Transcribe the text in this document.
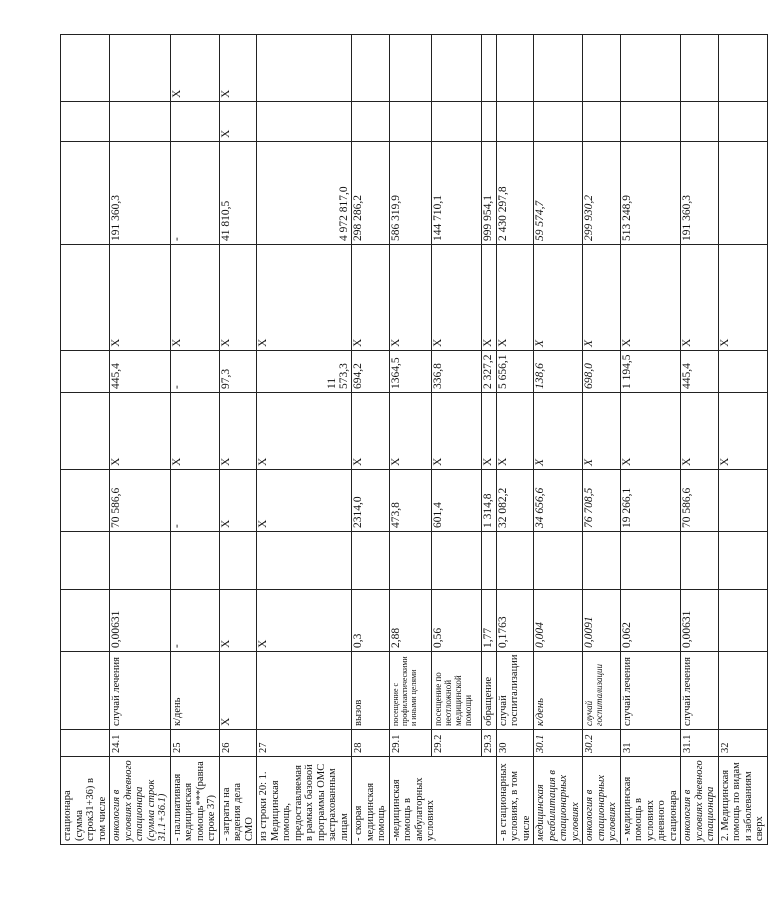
стационара (сумма строк31+36) в том числе											
онкология в условиях дневного стационара (сумма строк 31.1+36.1)	24.1	случай лечения	0,00631		70 586,6	Х	445,4	Х	191 360,3		
- паллиативная медицинская помощь***(равна строке 37)	25	к/день	-		-	Х	-	Х	-		Х
- затраты на ведения дела СМО	26	Х	Х		Х	Х	97,3	Х	41 810,5	Х	Х
из строки 20: 1. Медицинская помощь, предоставляемая в рамках базовой программы ОМС застрахованным лицам	27		Х		Х	Х	11 573,3	Х	4 972 817,0		
- скорая медицинская помощь	28	вызов	0,3		2314,0	Х	694,2	Х	298 286,2		
-медицинская помощь в амбулаторных условиях	29.1	посещение с профилактическими и иными целями	2,88		473,8	Х	1364,5	Х	586 319,9		
	29.2	посещение по неотложной медицинской помощи	0,56		601,4	Х	336,8	Х	144 710,1		
	29.3	обращение	1,77		1 314,8	Х	2 327,2	Х	999 954,1		
- в стационарных условиях, в том числе	30	случай госпитализации	0,1763		32 082,2	Х	5 656,1	Х	2 430 297,8		
медицинская реабилитация в стационарных условиях	30.1	к/день	0,004		34 656,6	Х	138,6	Х	59 574,7		
онкология в стационарных условиях	30.2	случай госпитализации	0,0091		76 708,5	Х	698,0	Х	299 930,2		
- медицинская помощь в условиях дневного стационара	31	случай лечения	0,062		19 266,1	Х	1 194,5	Х	513 248,9		
онкология в условиях дневного стационара	31.1	случай лечения	0,00631		70 586,6	Х	445,4	Х	191 360,3		
2. Медицинская помощь по видам и заболеваниям сверх	32					Х		Х			
